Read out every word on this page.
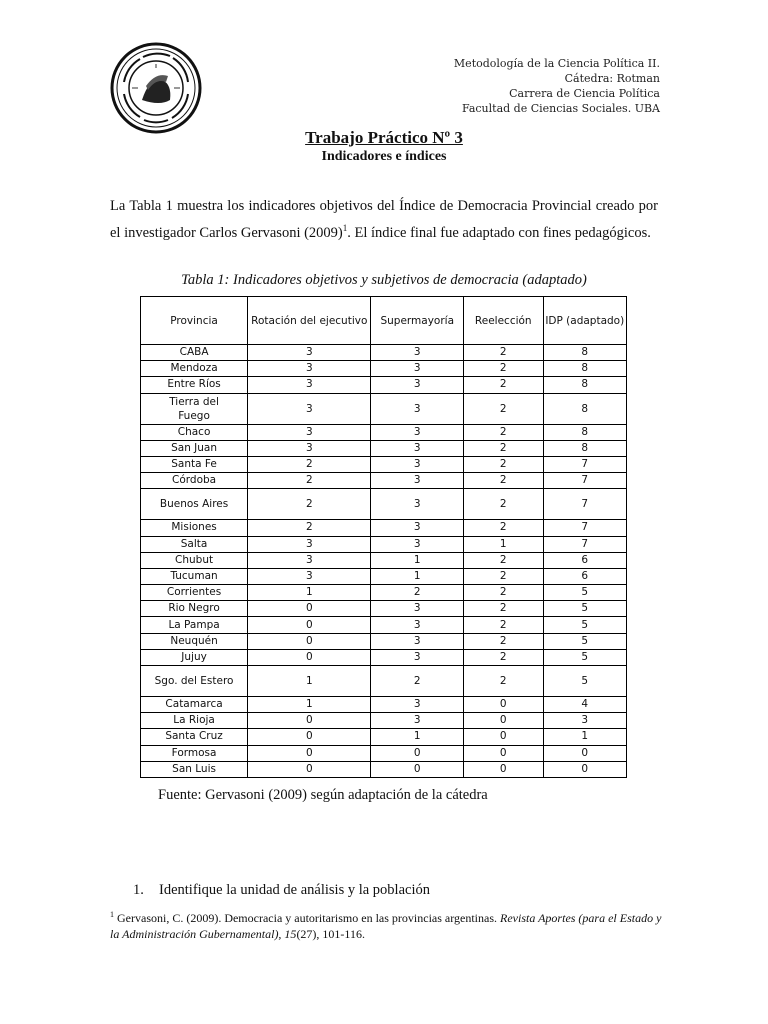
Metodología de la Ciencia Política II.
Cátedra: Rotman
Carrera de Ciencia Política
Facultad de Ciencias Sociales. UBA
Trabajo Práctico Nº 3
Indicadores e índices

La Tabla 1 muestra los indicadores objetivos del Índice de Democracia Provincial creado por el investigador Carlos Gervasoni $(2009)^1$. El índice final fue adaptado con fines pedagógicos.

Tabla 1: Indicadores objetivos y subjetivos de democracia (adaptado)
Provincia	Rotación del ejecutivo	Supermayoría	Reelección	IDP (adaptado)
CABA	3	3	2	8
Mendoza	3	3	2	8
Entre Ríos	3	3	2	8
Tierra del Fuego	3	3	2	8
Chaco	3	3	2	8
San Juan	3	3	2	8
Santa Fe	2	3	2	7
Córdoba	2	3	2	7
Buenos Aires	2	3	2	7
Misiones	2	3	2	7
Salta	3	3	1	7
Chubut	3	1	2	6
Tucuman	3	1	2	6
Corrientes	1	2	2	5
Rio Negro	0	3	2	5
La Pampa	0	3	2	5
Neuquén	0	3	2	5
Jujuy	0	3	2	5
Sgo. del Estero	1	2	2	5
Catamarca	1	3	0	4
La Rioja	0	3	0	3
Santa Cruz	0	1	0	1
Formosa	0	0	0	0
San Luis	0	0	0	0
Fuente: Gervasoni (2009) según adaptación de la cátedra
1. Identifique la unidad de análisis y la población
$^1$ Gervasoni, C. (2009). Democracia y autoritarismo en las provincias argentinas. Revista Aportes (para el Estado y la Administración Gubernamental), 15(27), 101-116.
